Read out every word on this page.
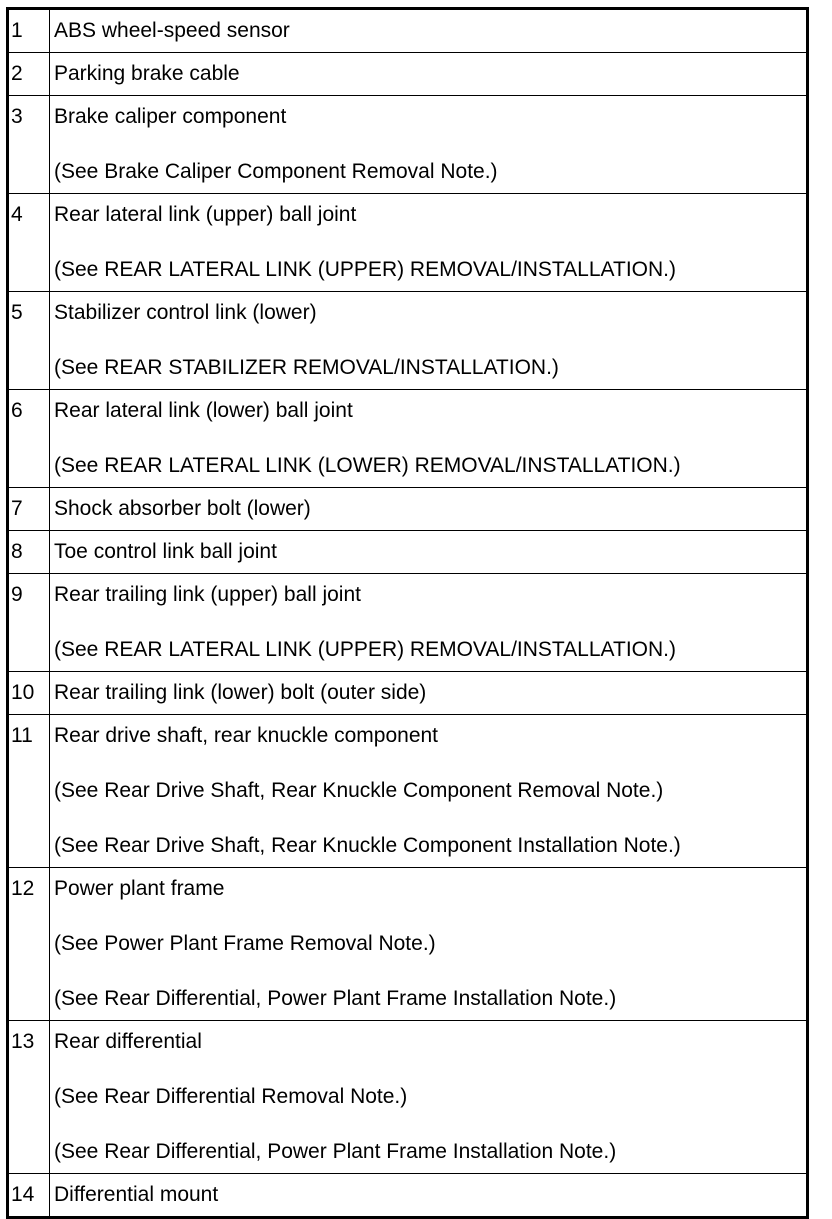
1	ABS wheel-speed sensor

2	Parking brake cable

3	Brake caliper component
(See Brake Caliper Component Removal Note.)

4	Rear lateral link (upper) ball joint
(See REAR LATERAL LINK (UPPER) REMOVAL/INSTALLATION.)

5	Stabilizer control link (lower)
(See REAR STABILIZER REMOVAL/INSTALLATION.)

6	Rear lateral link (lower) ball joint
(See REAR LATERAL LINK (LOWER) REMOVAL/INSTALLATION.)

7	Shock absorber bolt (lower)

8	Toe control link ball joint

9	Rear trailing link (upper) ball joint
(See REAR LATERAL LINK (UPPER) REMOVAL/INSTALLATION.)

10	Rear trailing link (lower) bolt (outer side)

11	Rear drive shaft, rear knuckle component
(See Rear Drive Shaft, Rear Knuckle Component Removal Note.)
(See Rear Drive Shaft, Rear Knuckle Component Installation Note.)

12	Power plant frame
(See Power Plant Frame Removal Note.)
(See Rear Differential, Power Plant Frame Installation Note.)

13	Rear differential
(See Rear Differential Removal Note.)
(See Rear Differential, Power Plant Frame Installation Note.)

14	Differential mount
